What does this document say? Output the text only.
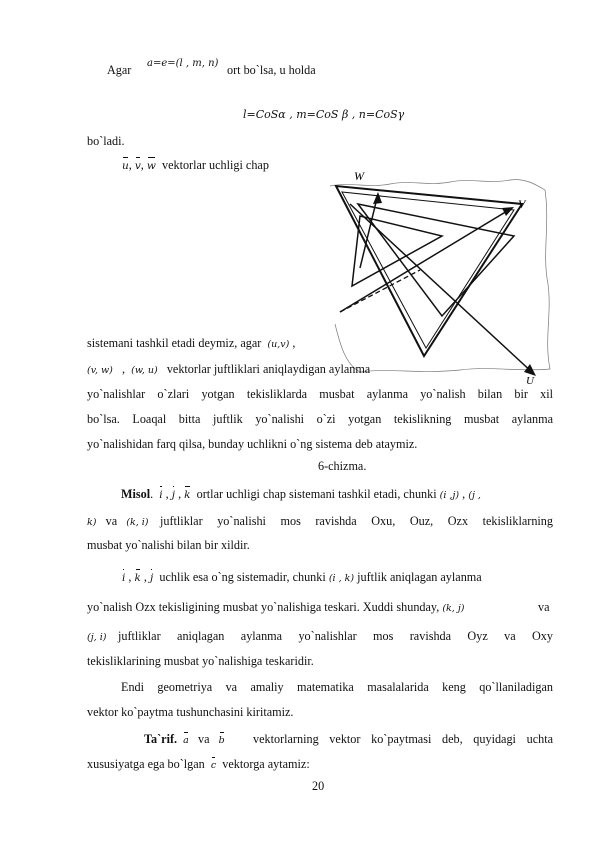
Agar a=e=(l , m, n) ort bo`lsa, u holda
l=CoSα , m=CoS β , n=CoSγ
bo`ladi.
u, v, w vektorlar uchligi chap
W
V
U
sistemani tashkil etadi deymiz, agar (u,v) ,
(v, w)   ,  (w, u) vektorlar juftliklari aniqlaydigan aylanma
yo`nalishlar o`zlari yotgan tekisliklarda musbat aylanma yo`nalish bilan bir xil
bo`lsa. Loaqal bitta juftlik yo`nalishi o`zi yotgan tekislikning musbat aylanma
yo`nalishidan farq qilsa, bunday uchlikni o`ng sistema deb ataymiz.
6-chizma.
Misol.  i , j , k ortlar uchligi chap sistemani tashkil etadi, chunki (i ,j) , (j ,
k) va (k, i) juftliklar yo`nalishi mos ravishda Oxu, Ouz, Ozx tekisliklarning
musbat yo`nalishi bilan bir xildir.
i , k , j uchlik esa o`ng sistemadir, chunki (i , k) juftlik aniqlagan aylanma
yo`nalish Ozx tekisligining musbat yo`nalishiga teskari. Xuddi shunday, (k, j)	va
(j, i) juftliklar aniqlagan aylanma yo`nalishlar mos ravishda Oyz va Oxy
tekisliklarining musbat yo`nalishiga teskaridir.
Endi geometriya va amaliy matematika masalalarida keng qo`llaniladigan
vektor ko`paytma tushunchasini kiritamiz.
Ta`rif. a va b vektorlarning vektor ko`paytmasi deb, quyidagi uchta
xususiyatga ega bo`lgan c vektorga aytamiz:
20
